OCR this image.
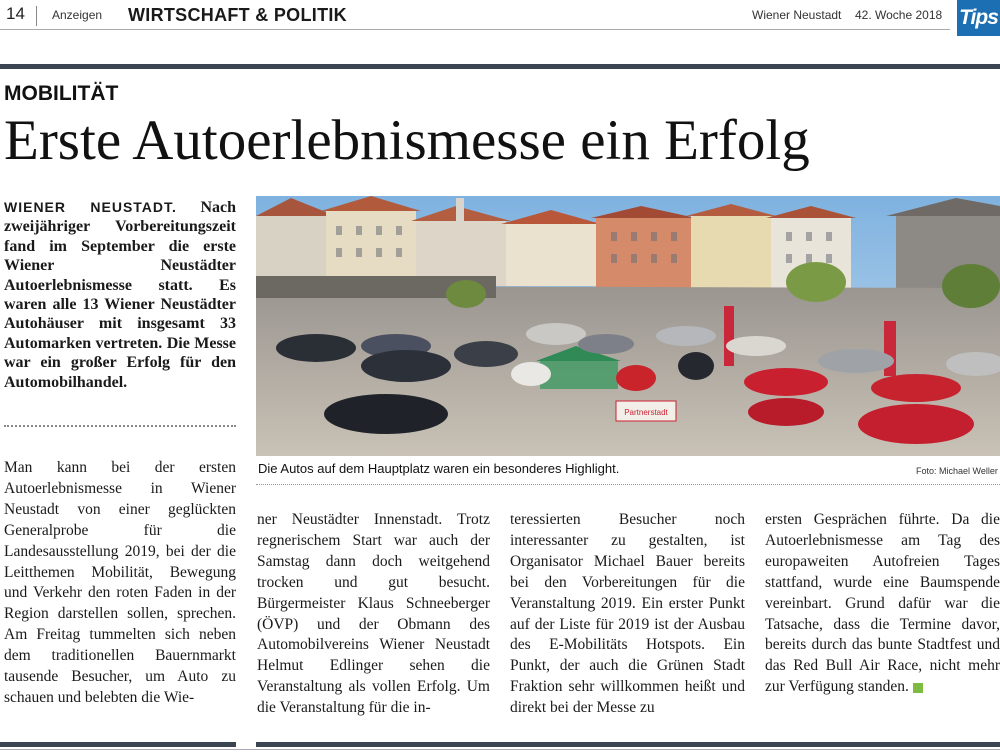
14 Anzeigen WIRTSCHAFT & POLITIK	Wiener Neustadt 42. Woche 2018 Tips
MOBILITÄT
Erste Autoerlebnismesse ein Erfolg
WIENER NEUSTADT. Nach zweijähriger Vorbereitungszeit fand im September die erste Wiener Neustädter Autoerlebnismesse statt. Es waren alle 13 Wiener Neustädter Autohäuser mit insgesamt 33 Automarken vertreten. Die Messe war ein großer Erfolg für den Automobilhandel.
Partnerstadt
Die Autos auf dem Hauptplatz waren ein besonderes Highlight.	Foto: Michael Weller
Man kann bei der ersten Autoerlebnismesse in Wiener Neustadt von einer geglückten Generalprobe für die Landesausstellung 2019, bei der die Leitthemen Mobilität, Bewegung und Verkehr den roten Faden in der Region darstellen sollen, sprechen. Am Freitag tummelten sich neben dem traditionellen Bauernmarkt tausende Besucher, um Auto zu schauen und belebten die Wie-
ner Neustädter Innenstadt. Trotz regnerischem Start war auch der Samstag dann doch weitgehend trocken und gut besucht. Bürgermeister Klaus Schneeberger (ÖVP) und der Obmann des Automobilvereins Wiener Neustadt Helmut Edlinger sehen die Veranstaltung als vollen Erfolg. Um die Veranstaltung für die in-
teressierten Besucher noch interessanter zu gestalten, ist Organisator Michael Bauer bereits bei den Vorbereitungen für die Veranstaltung 2019. Ein erster Punkt auf der Liste für 2019 ist der Ausbau des E-Mobilitäts Hotspots. Ein Punkt, der auch die Grünen Stadt Fraktion sehr willkommen heißt und direkt bei der Messe zu
ersten Gesprächen führte. Da die Autoerlebnismesse am Tag des europaweiten Autofreien Tages stattfand, wurde eine Baumspende vereinbart. Grund dafür war die Tatsache, dass die Termine davor, bereits durch das bunte Stadtfest und das Red Bull Air Race, nicht mehr zur Verfügung standen.
